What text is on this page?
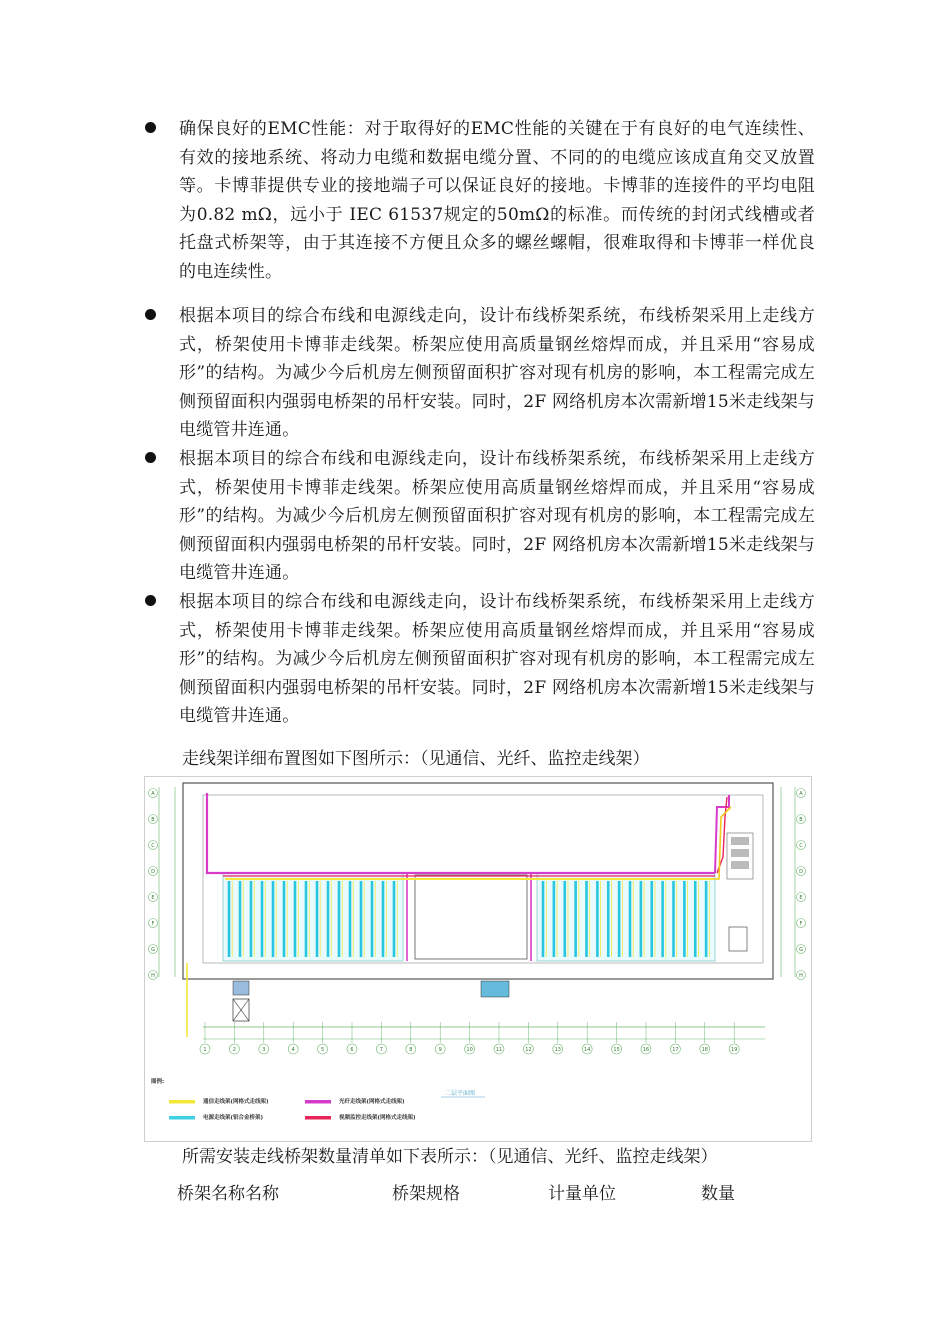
确保良好的EMC性能：对于取得好的EMC性能的关键在于有良好的电气连续性、有效的接地系统、将动力电缆和数据电缆分置、不同的的电缆应该成直角交叉放置等。卡博菲提供专业的接地端子可以保证良好的接地。卡博菲的连接件的平均电阻为0.82 mΩ，远小于 IEC 61537规定的50mΩ的标准。而传统的封闭式线槽或者托盘式桥架等，由于其连接不方便且众多的螺丝螺帽，很难取得和卡博菲一样优良的电连续性。
根据本项目的综合布线和电源线走向，设计布线桥架系统，布线桥架采用上走线方式，桥架使用卡博菲走线架。桥架应使用高质量钢丝熔焊而成，并且采用“容易成形”的结构。为减少今后机房左侧预留面积扩容对现有机房的影响，本工程需完成左侧预留面积内强弱电桥架的吊杆安装。同时，2F 网络机房本次需新增15米走线架与电缆管井连通。
根据本项目的综合布线和电源线走向，设计布线桥架系统，布线桥架采用上走线方式，桥架使用卡博菲走线架。桥架应使用高质量钢丝熔焊而成，并且采用“容易成形”的结构。为减少今后机房左侧预留面积扩容对现有机房的影响，本工程需完成左侧预留面积内强弱电桥架的吊杆安装。同时，2F 网络机房本次需新增15米走线架与电缆管井连通。
根据本项目的综合布线和电源线走向，设计布线桥架系统，布线桥架采用上走线方式，桥架使用卡博菲走线架。桥架应使用高质量钢丝熔焊而成，并且采用“容易成形”的结构。为减少今后机房左侧预留面积扩容对现有机房的影响，本工程需完成左侧预留面积内强弱电桥架的吊杆安装。同时，2F 网络机房本次需新增15米走线架与电缆管井连通。
走线架详细布置图如下图所示：（见通信、光纤、监控走线架）
1	2	3	4	5	6	7	8	9	10	11	12	13	14	15	16	17	18	19
A	A
B	B
C	C
D	D
E	E
F	F
G	G
H	H
二层平面图
图例:
通信走线架(网格式走线架)
电源走线架(铝合金桥架)
光纤走线架(网格式走线架)
视频监控走线架(网格式走线架)
所需安装走线桥架数量清单如下表所示：（见通信、光纤、监控走线架）
桥架名称名称	桥架规格	计量单位	数量
